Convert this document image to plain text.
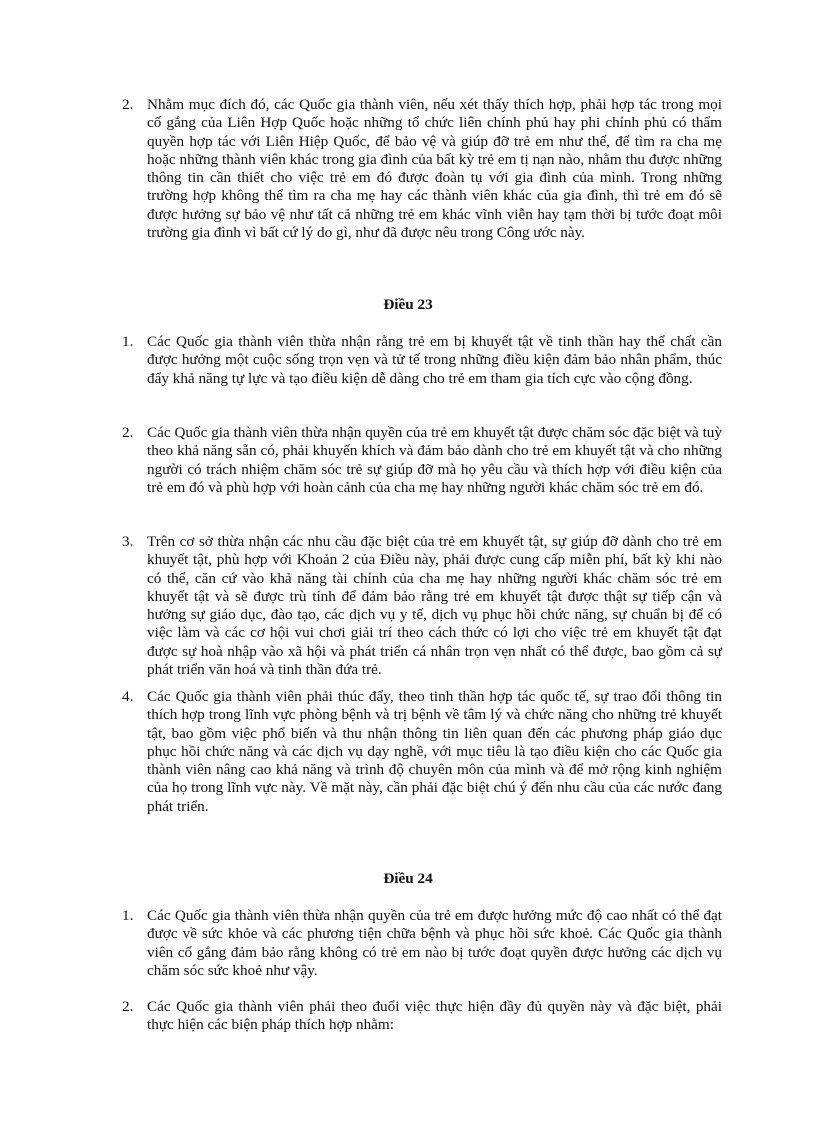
2. Nhằm mục đích đó, các Quốc gia thành viên, nếu xét thấy thích hợp, phải hợp tác trong mọi cố gắng của Liên Hợp Quốc hoặc những tổ chức liên chính phủ hay phi chính phủ có thẩm quyền hợp tác với Liên Hiệp Quốc, để bảo vệ và giúp đỡ trẻ em như thế, để tìm ra cha mẹ hoặc những thành viên khác trong gia đình của bất kỳ trẻ em tị nạn nào, nhằm thu được những thông tin cần thiết cho việc trẻ em đó được đoàn tụ với gia đình của mình. Trong những trường hợp không thể tìm ra cha mẹ hay các thành viên khác của gia đình, thì trẻ em đó sẽ được hưởng sự bảo vệ như tất cả những trẻ em khác vĩnh viễn hay tạm thời bị tước đoạt môi trường gia đình vì bất cứ lý do gì, như đã được nêu trong Công ước này.
Điều 23
1. Các Quốc gia thành viên thừa nhận rằng trẻ em bị khuyết tật về tinh thần hay thể chất cần được hưởng một cuộc sống trọn vẹn và tử tế trong những điều kiện đảm bảo nhân phẩm, thúc đẩy khả năng tự lực và tạo điều kiện dễ dàng cho trẻ em tham gia tích cực vào cộng đồng.
2. Các Quốc gia thành viên thừa nhận quyền của trẻ em khuyết tật được chăm sóc đặc biệt và tuỳ theo khả năng sẵn có, phải khuyến khích và đảm bảo dành cho trẻ em khuyết tật và cho những người có trách nhiệm chăm sóc trẻ sự giúp đỡ mà họ yêu cầu và thích hợp với điều kiện của trẻ em đó và phù hợp với hoàn cảnh của cha mẹ hay những người khác chăm sóc trẻ em đó.
3. Trên cơ sở thừa nhận các nhu cầu đặc biệt của trẻ em khuyết tật, sự giúp đỡ dành cho trẻ em khuyết tật, phù hợp với Khoản 2 của Điều này, phải được cung cấp miễn phí, bất kỳ khi nào có thể, căn cứ vào khả năng tài chính của cha mẹ hay những người khác chăm sóc trẻ em khuyết tật và sẽ được trù tính để đảm bảo rằng trẻ em khuyết tật được thật sự tiếp cận và hưởng sự giáo dục, đào tạo, các dịch vụ y tế, dịch vụ phục hồi chức năng, sự chuẩn bị để có việc làm và các cơ hội vui chơi giải trí theo cách thức có lợi cho việc trẻ em khuyết tật đạt được sự hoà nhập vào xã hội và phát triển cá nhân trọn vẹn nhất có thể được, bao gồm cả sự phát triển văn hoá và tinh thần đứa trẻ.
4. Các Quốc gia thành viên phải thúc đẩy, theo tinh thần hợp tác quốc tế, sự trao đổi thông tin thích hợp trong lĩnh vực phòng bệnh và trị bệnh về tâm lý và chức năng cho những trẻ khuyết tật, bao gồm việc phổ biến và thu nhận thông tin liên quan đến các phương pháp giáo dục phục hồi chức năng và các dịch vụ dạy nghề, với mục tiêu là tạo điều kiện cho các Quốc gia thành viên nâng cao khả năng và trình độ chuyên môn của mình và để mở rộng kinh nghiệm của họ trong lĩnh vực này. Về mặt này, cần phải đặc biệt chú ý đến nhu cầu của các nước đang phát triển.
Điều 24
1. Các Quốc gia thành viên thừa nhận quyền của trẻ em được hưởng mức độ cao nhất có thể đạt được về sức khỏe và các phương tiện chữa bệnh và phục hồi sức khoẻ. Các Quốc gia thành viên cố gắng đảm bảo rằng không có trẻ em nào bị tước đoạt quyền được hưởng các dịch vụ chăm sóc sức khoẻ như vậy.
2. Các Quốc gia thành viên phải theo đuổi việc thực hiện đầy đủ quyền này và đặc biệt, phải thực hiện các biện pháp thích hợp nhằm:
